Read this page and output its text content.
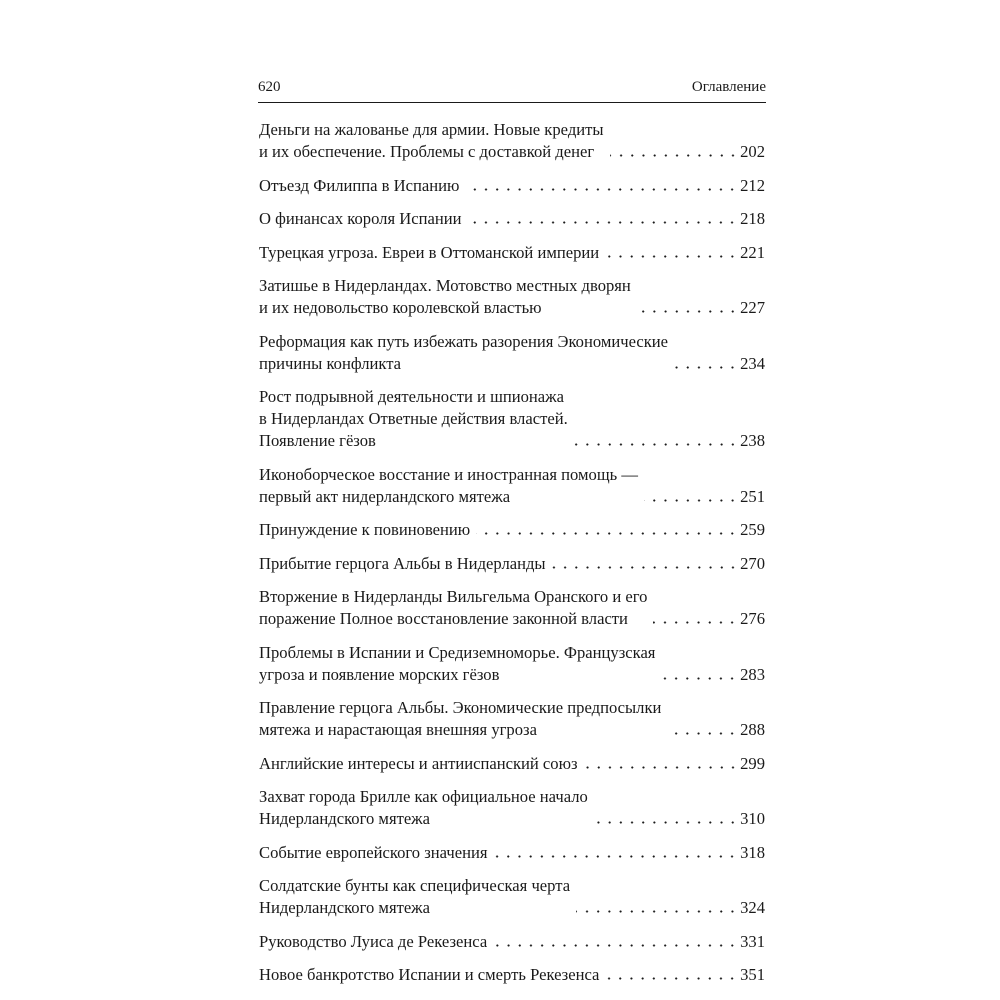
620	Оглавление
Деньги на жалованье для армии. Новые кредиты
и их обеспечение. Проблемы с доставкой денег	202
Отъезд Филиппа в Испанию	212
О финансах короля Испании	218
Турецкая угроза. Евреи в Оттоманской империи	221
Затишье в Нидерландах. Мотовство местных дворян
и их недовольство королевской властью	227
Реформация как путь избежать разорения Экономические
причины конфликта	234
Рост подрывной деятельности и шпионажа
в Нидерландах Ответные действия властей.
Появление гёзов	238
Иконоборческое восстание и иностранная помощь —
первый акт нидерландского мятежа	251
Принуждение к повиновению	259
Прибытие герцога Альбы в Нидерланды	270
Вторжение в Нидерланды Вильгельма Оранского и его
поражение Полное восстановление законной власти	276
Проблемы в Испании и Средиземноморье. Французская
угроза и появление морских гёзов	283
Правление герцога Альбы. Экономические предпосылки
мятежа и нарастающая внешняя угроза	288
Английские интересы и антииспанский союз	299
Захват города Брилле как официальное начало
Нидерландского мятежа	310
Событие европейского значения	318
Солдатские бунты как специфическая черта
Нидерландского мятежа	324
Руководство Луиса де Рекезенса	331
Новое банкротство Испании и смерть Рекезенса	351
